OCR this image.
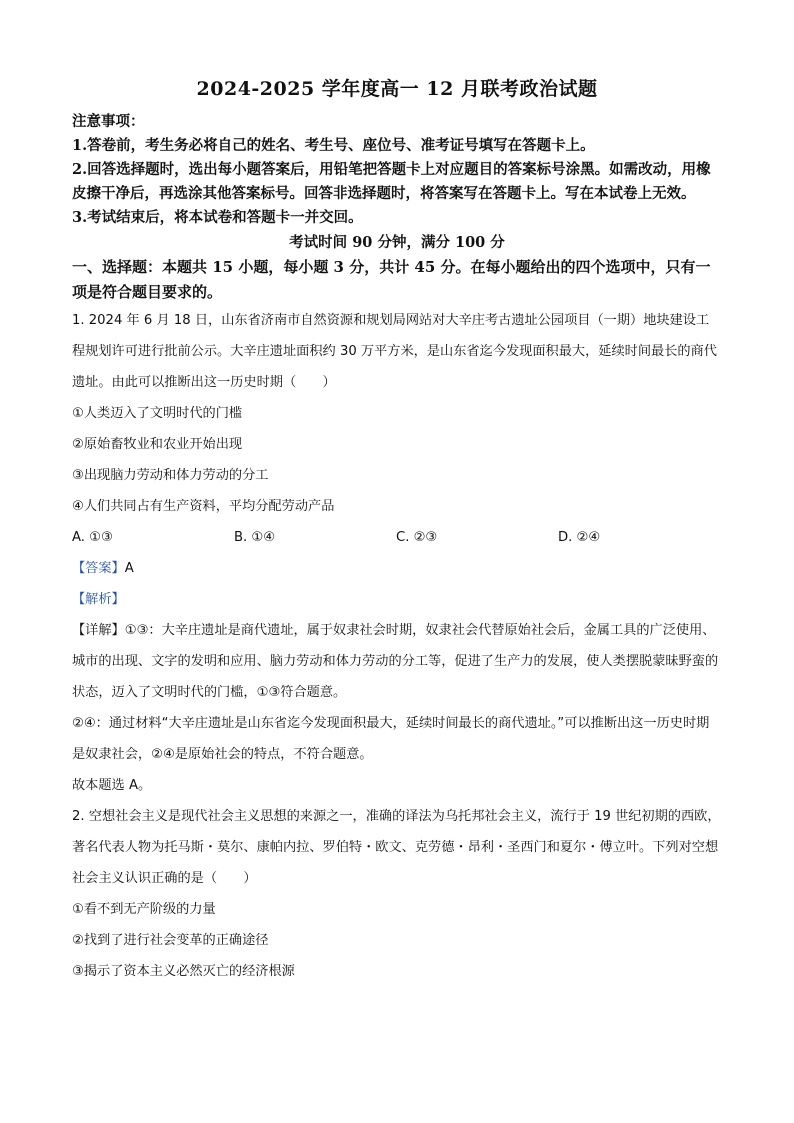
2024-2025 学年度高一 12 月联考政治试题
注意事项：

1.答卷前，考生务必将自己的姓名、考生号、座位号、准考证号填写在答题卡上。

2.回答选择题时，选出每小题答案后，用铅笔把答题卡上对应题目的答案标号涂黑。如需改动，用橡皮擦干净后，再选涂其他答案标号。回答非选择题时，将答案写在答题卡上。写在本试卷上无效。

3.考试结束后，将本试卷和答题卡一并交回。

考试时间 90 分钟，满分 100 分
一、选择题：本题共 15 小题，每小题 3 分，共计 45 分。在每小题给出的四个选项中，只有一项是符合题目要求的。

1. 2024 年 6 月 18 日，山东省济南市自然资源和规划局网站对大辛庄考古遗址公园项目（一期）地块建设工程规划许可进行批前公示。大辛庄遗址面积约 30 万平方米，是山东省迄今发现面积最大，延续时间最长的商代遗址。由此可以推断出这一历史时期（　　）

①人类迈入了文明时代的门槛

②原始畜牧业和农业开始出现

③出现脑力劳动和体力劳动的分工

④人们共同占有生产资料，平均分配劳动产品

A. ①③	B. ①④	C. ②③	D. ②④

【答案】A

【解析】

【详解】①③：大辛庄遗址是商代遗址，属于奴隶社会时期，奴隶社会代替原始社会后，金属工具的广泛使用、城市的出现、文字的发明和应用、脑力劳动和体力劳动的分工等，促进了生产力的发展，使人类摆脱蒙昧野蛮的状态，迈入了文明时代的门槛，①③符合题意。

②④：通过材料“大辛庄遗址是山东省迄今发现面积最大，延续时间最长的商代遗址。”可以推断出这一历史时期是奴隶社会，②④是原始社会的特点，不符合题意。

故本题选 A。

2. 空想社会主义是现代社会主义思想的来源之一，准确的译法为乌托邦社会主义，流行于 19 世纪初期的西欧，著名代表人物为托马斯・莫尔、康帕内拉、罗伯特・欧文、克劳德・昂利・圣西门和夏尔・傅立叶。下列对空想社会主义认识正确的是（　　）

①看不到无产阶级的力量

②找到了进行社会变革的正确途径

③揭示了资本主义必然灭亡的经济根源
